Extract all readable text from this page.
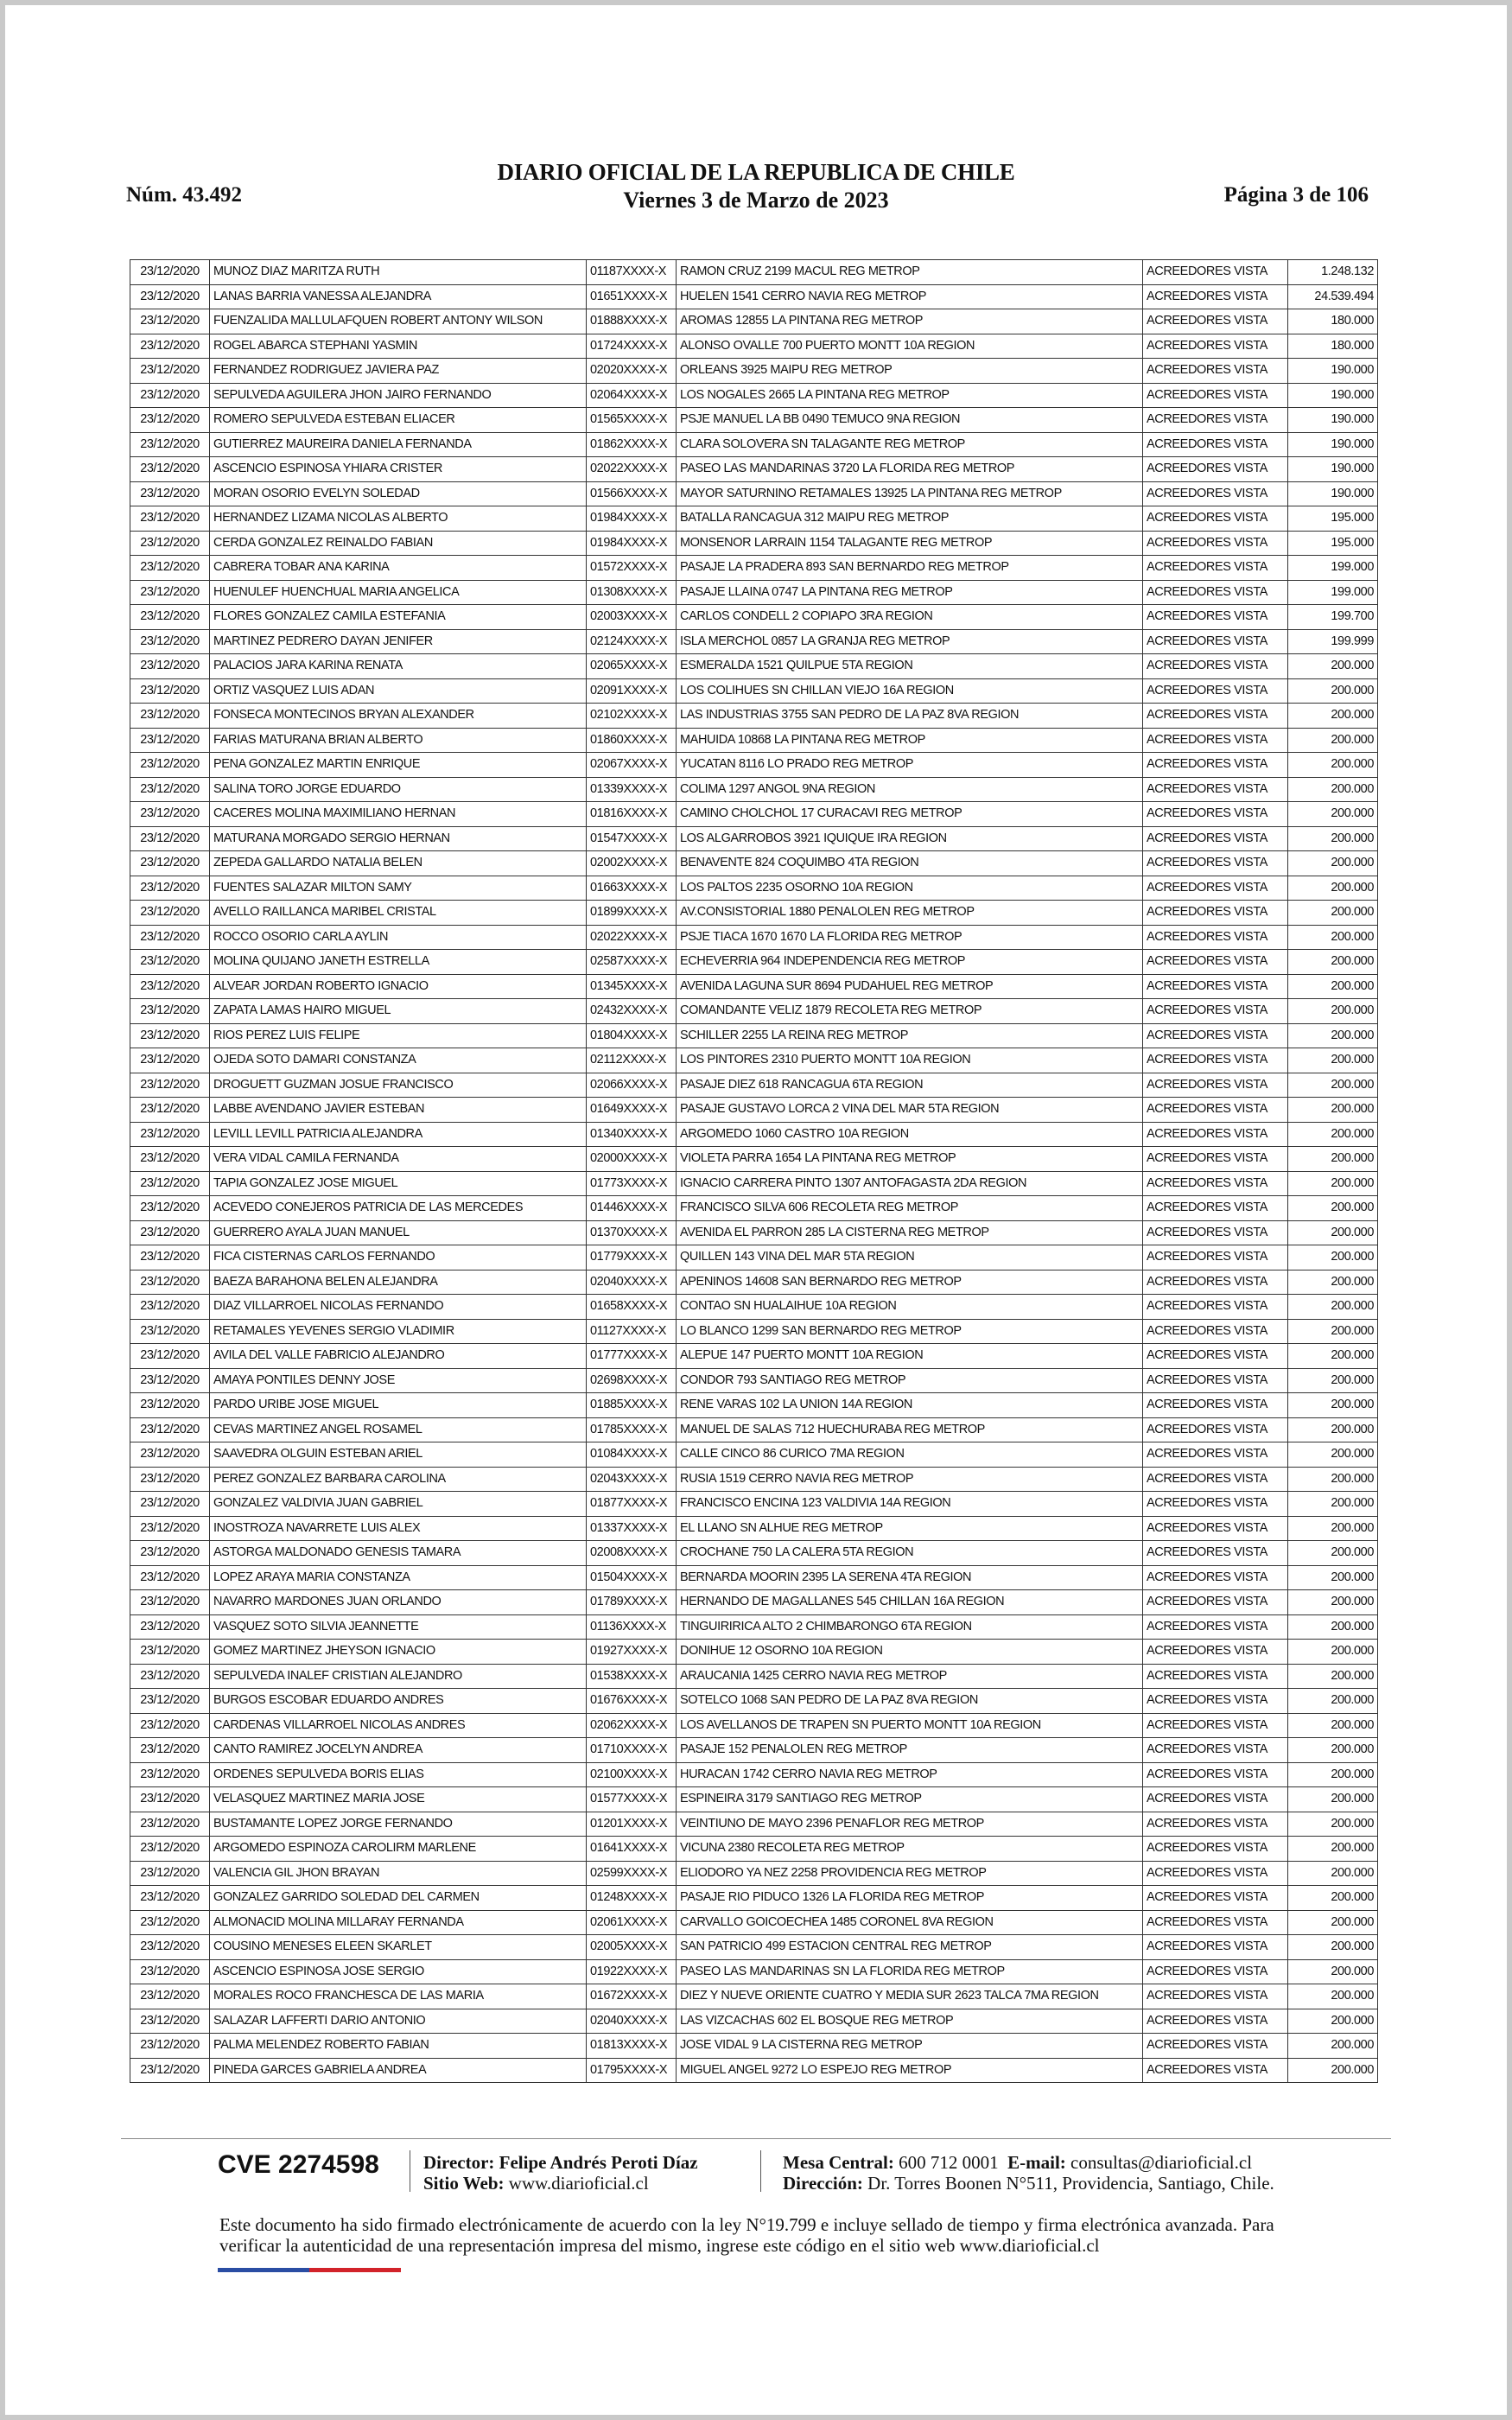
Núm. 43.492
DIARIO OFICIAL DE LA REPUBLICA DE CHILE
Viernes 3 de Marzo de 2023	Página 3 de 106
23/12/2020	MUNOZ DIAZ MARITZA RUTH	01187XXXX-X	RAMON CRUZ 2199 MACUL REG METROP	ACREEDORES VISTA	1.248.132
23/12/2020	LANAS BARRIA VANESSA ALEJANDRA	01651XXXX-X	HUELEN 1541 CERRO NAVIA REG METROP	ACREEDORES VISTA	24.539.494
23/12/2020	FUENZALIDA MALLULAFQUEN ROBERT ANTONY WILSON	01888XXXX-X	AROMAS 12855 LA PINTANA REG METROP	ACREEDORES VISTA	180.000
23/12/2020	ROGEL ABARCA STEPHANI YASMIN	01724XXXX-X	ALONSO OVALLE 700 PUERTO MONTT 10A REGION	ACREEDORES VISTA	180.000
23/12/2020	FERNANDEZ RODRIGUEZ JAVIERA PAZ	02020XXXX-X	ORLEANS 3925 MAIPU REG METROP	ACREEDORES VISTA	190.000
23/12/2020	SEPULVEDA AGUILERA JHON JAIRO FERNANDO	02064XXXX-X	LOS NOGALES 2665 LA PINTANA REG METROP	ACREEDORES VISTA	190.000
23/12/2020	ROMERO SEPULVEDA ESTEBAN ELIACER	01565XXXX-X	PSJE MANUEL LA BB 0490 TEMUCO 9NA REGION	ACREEDORES VISTA	190.000
23/12/2020	GUTIERREZ MAUREIRA DANIELA FERNANDA	01862XXXX-X	CLARA SOLOVERA SN TALAGANTE REG METROP	ACREEDORES VISTA	190.000
23/12/2020	ASCENCIO ESPINOSA YHIARA CRISTER	02022XXXX-X	PASEO LAS MANDARINAS 3720 LA FLORIDA REG METROP	ACREEDORES VISTA	190.000
23/12/2020	MORAN OSORIO EVELYN SOLEDAD	01566XXXX-X	MAYOR SATURNINO RETAMALES 13925 LA PINTANA REG METROP	ACREEDORES VISTA	190.000
23/12/2020	HERNANDEZ LIZAMA NICOLAS ALBERTO	01984XXXX-X	BATALLA RANCAGUA 312 MAIPU REG METROP	ACREEDORES VISTA	195.000
23/12/2020	CERDA GONZALEZ REINALDO FABIAN	01984XXXX-X	MONSENOR LARRAIN 1154 TALAGANTE REG METROP	ACREEDORES VISTA	195.000
23/12/2020	CABRERA TOBAR ANA KARINA	01572XXXX-X	PASAJE LA PRADERA 893 SAN BERNARDO REG METROP	ACREEDORES VISTA	199.000
23/12/2020	HUENULEF HUENCHUAL MARIA ANGELICA	01308XXXX-X	PASAJE LLAINA 0747 LA PINTANA REG METROP	ACREEDORES VISTA	199.000
23/12/2020	FLORES GONZALEZ CAMILA ESTEFANIA	02003XXXX-X	CARLOS CONDELL 2 COPIAPO 3RA REGION	ACREEDORES VISTA	199.700
23/12/2020	MARTINEZ PEDRERO DAYAN JENIFER	02124XXXX-X	ISLA MERCHOL 0857 LA GRANJA REG METROP	ACREEDORES VISTA	199.999
23/12/2020	PALACIOS JARA KARINA RENATA	02065XXXX-X	ESMERALDA 1521 QUILPUE 5TA REGION	ACREEDORES VISTA	200.000
23/12/2020	ORTIZ VASQUEZ LUIS ADAN	02091XXXX-X	LOS COLIHUES SN CHILLAN VIEJO 16A REGION	ACREEDORES VISTA	200.000
23/12/2020	FONSECA MONTECINOS BRYAN ALEXANDER	02102XXXX-X	LAS INDUSTRIAS 3755 SAN PEDRO DE LA PAZ 8VA REGION	ACREEDORES VISTA	200.000
23/12/2020	FARIAS MATURANA BRIAN ALBERTO	01860XXXX-X	MAHUIDA 10868 LA PINTANA REG METROP	ACREEDORES VISTA	200.000
23/12/2020	PENA GONZALEZ MARTIN ENRIQUE	02067XXXX-X	YUCATAN 8116 LO PRADO REG METROP	ACREEDORES VISTA	200.000
23/12/2020	SALINA TORO JORGE EDUARDO	01339XXXX-X	COLIMA 1297 ANGOL 9NA REGION	ACREEDORES VISTA	200.000
23/12/2020	CACERES MOLINA MAXIMILIANO HERNAN	01816XXXX-X	CAMINO CHOLCHOL 17 CURACAVI REG METROP	ACREEDORES VISTA	200.000
23/12/2020	MATURANA MORGADO SERGIO HERNAN	01547XXXX-X	LOS ALGARROBOS 3921 IQUIQUE IRA REGION	ACREEDORES VISTA	200.000
23/12/2020	ZEPEDA GALLARDO NATALIA BELEN	02002XXXX-X	BENAVENTE 824 COQUIMBO 4TA REGION	ACREEDORES VISTA	200.000
23/12/2020	FUENTES SALAZAR MILTON SAMY	01663XXXX-X	LOS PALTOS 2235 OSORNO 10A REGION	ACREEDORES VISTA	200.000
23/12/2020	AVELLO RAILLANCA MARIBEL CRISTAL	01899XXXX-X	AV.CONSISTORIAL 1880 PENALOLEN REG METROP	ACREEDORES VISTA	200.000
23/12/2020	ROCCO OSORIO CARLA AYLIN	02022XXXX-X	PSJE TIACA 1670 1670 LA FLORIDA REG METROP	ACREEDORES VISTA	200.000
23/12/2020	MOLINA QUIJANO JANETH ESTRELLA	02587XXXX-X	ECHEVERRIA 964 INDEPENDENCIA REG METROP	ACREEDORES VISTA	200.000
23/12/2020	ALVEAR JORDAN ROBERTO IGNACIO	01345XXXX-X	AVENIDA LAGUNA SUR 8694 PUDAHUEL REG METROP	ACREEDORES VISTA	200.000
23/12/2020	ZAPATA LAMAS HAIRO MIGUEL	02432XXXX-X	COMANDANTE VELIZ 1879 RECOLETA REG METROP	ACREEDORES VISTA	200.000
23/12/2020	RIOS PEREZ LUIS FELIPE	01804XXXX-X	SCHILLER 2255 LA REINA REG METROP	ACREEDORES VISTA	200.000
23/12/2020	OJEDA SOTO DAMARI CONSTANZA	02112XXXX-X	LOS PINTORES 2310 PUERTO MONTT 10A REGION	ACREEDORES VISTA	200.000
23/12/2020	DROGUETT GUZMAN JOSUE FRANCISCO	02066XXXX-X	PASAJE DIEZ 618 RANCAGUA 6TA REGION	ACREEDORES VISTA	200.000
23/12/2020	LABBE AVENDANO JAVIER ESTEBAN	01649XXXX-X	PASAJE GUSTAVO LORCA 2 VINA DEL MAR 5TA REGION	ACREEDORES VISTA	200.000
23/12/2020	LEVILL LEVILL PATRICIA ALEJANDRA	01340XXXX-X	ARGOMEDO 1060 CASTRO 10A REGION	ACREEDORES VISTA	200.000
23/12/2020	VERA VIDAL CAMILA FERNANDA	02000XXXX-X	VIOLETA PARRA 1654 LA PINTANA REG METROP	ACREEDORES VISTA	200.000
23/12/2020	TAPIA GONZALEZ JOSE MIGUEL	01773XXXX-X	IGNACIO CARRERA PINTO 1307 ANTOFAGASTA 2DA REGION	ACREEDORES VISTA	200.000
23/12/2020	ACEVEDO CONEJEROS PATRICIA DE LAS MERCEDES	01446XXXX-X	FRANCISCO SILVA 606 RECOLETA REG METROP	ACREEDORES VISTA	200.000
23/12/2020	GUERRERO AYALA JUAN MANUEL	01370XXXX-X	AVENIDA EL PARRON 285 LA CISTERNA REG METROP	ACREEDORES VISTA	200.000
23/12/2020	FICA CISTERNAS CARLOS FERNANDO	01779XXXX-X	QUILLEN 143 VINA DEL MAR 5TA REGION	ACREEDORES VISTA	200.000
23/12/2020	BAEZA BARAHONA BELEN ALEJANDRA	02040XXXX-X	APENINOS 14608 SAN BERNARDO REG METROP	ACREEDORES VISTA	200.000
23/12/2020	DIAZ VILLARROEL NICOLAS FERNANDO	01658XXXX-X	CONTAO SN HUALAIHUE 10A REGION	ACREEDORES VISTA	200.000
23/12/2020	RETAMALES YEVENES SERGIO VLADIMIR	01127XXXX-X	LO BLANCO 1299 SAN BERNARDO REG METROP	ACREEDORES VISTA	200.000
23/12/2020	AVILA DEL VALLE FABRICIO ALEJANDRO	01777XXXX-X	ALEPUE 147 PUERTO MONTT 10A REGION	ACREEDORES VISTA	200.000
23/12/2020	AMAYA PONTILES DENNY JOSE	02698XXXX-X	CONDOR 793 SANTIAGO REG METROP	ACREEDORES VISTA	200.000
23/12/2020	PARDO URIBE JOSE MIGUEL	01885XXXX-X	RENE VARAS 102 LA UNION 14A REGION	ACREEDORES VISTA	200.000
23/12/2020	CEVAS MARTINEZ ANGEL ROSAMEL	01785XXXX-X	MANUEL DE SALAS 712 HUECHURABA REG METROP	ACREEDORES VISTA	200.000
23/12/2020	SAAVEDRA OLGUIN ESTEBAN ARIEL	01084XXXX-X	CALLE CINCO 86 CURICO 7MA REGION	ACREEDORES VISTA	200.000
23/12/2020	PEREZ GONZALEZ BARBARA CAROLINA	02043XXXX-X	RUSIA 1519 CERRO NAVIA REG METROP	ACREEDORES VISTA	200.000
23/12/2020	GONZALEZ VALDIVIA JUAN GABRIEL	01877XXXX-X	FRANCISCO ENCINA 123 VALDIVIA 14A REGION	ACREEDORES VISTA	200.000
23/12/2020	INOSTROZA NAVARRETE LUIS ALEX	01337XXXX-X	EL LLANO SN ALHUE REG METROP	ACREEDORES VISTA	200.000
23/12/2020	ASTORGA MALDONADO GENESIS TAMARA	02008XXXX-X	CROCHANE 750 LA CALERA 5TA REGION	ACREEDORES VISTA	200.000
23/12/2020	LOPEZ ARAYA MARIA CONSTANZA	01504XXXX-X	BERNARDA MOORIN 2395 LA SERENA 4TA REGION	ACREEDORES VISTA	200.000
23/12/2020	NAVARRO MARDONES JUAN ORLANDO	01789XXXX-X	HERNANDO DE MAGALLANES 545 CHILLAN 16A REGION	ACREEDORES VISTA	200.000
23/12/2020	VASQUEZ SOTO SILVIA JEANNETTE	01136XXXX-X	TINGUIRIRICA ALTO 2 CHIMBARONGO 6TA REGION	ACREEDORES VISTA	200.000
23/12/2020	GOMEZ MARTINEZ JHEYSON IGNACIO	01927XXXX-X	DONIHUE 12 OSORNO 10A REGION	ACREEDORES VISTA	200.000
23/12/2020	SEPULVEDA INALEF CRISTIAN ALEJANDRO	01538XXXX-X	ARAUCANIA 1425 CERRO NAVIA REG METROP	ACREEDORES VISTA	200.000
23/12/2020	BURGOS ESCOBAR EDUARDO ANDRES	01676XXXX-X	SOTELCO 1068 SAN PEDRO DE LA PAZ 8VA REGION	ACREEDORES VISTA	200.000
23/12/2020	CARDENAS VILLARROEL NICOLAS ANDRES	02062XXXX-X	LOS AVELLANOS DE TRAPEN SN PUERTO MONTT 10A REGION	ACREEDORES VISTA	200.000
23/12/2020	CANTO RAMIREZ JOCELYN ANDREA	01710XXXX-X	PASAJE 152 PENALOLEN REG METROP	ACREEDORES VISTA	200.000
23/12/2020	ORDENES SEPULVEDA BORIS ELIAS	02100XXXX-X	HURACAN 1742 CERRO NAVIA REG METROP	ACREEDORES VISTA	200.000
23/12/2020	VELASQUEZ MARTINEZ MARIA JOSE	01577XXXX-X	ESPINEIRA 3179 SANTIAGO REG METROP	ACREEDORES VISTA	200.000
23/12/2020	BUSTAMANTE LOPEZ JORGE FERNANDO	01201XXXX-X	VEINTIUNO DE MAYO 2396 PENAFLOR REG METROP	ACREEDORES VISTA	200.000
23/12/2020	ARGOMEDO ESPINOZA CAROLIRM MARLENE	01641XXXX-X	VICUNA 2380 RECOLETA REG METROP	ACREEDORES VISTA	200.000
23/12/2020	VALENCIA GIL JHON BRAYAN	02599XXXX-X	ELIODORO YA NEZ 2258 PROVIDENCIA REG METROP	ACREEDORES VISTA	200.000
23/12/2020	GONZALEZ GARRIDO SOLEDAD DEL CARMEN	01248XXXX-X	PASAJE RIO PIDUCO 1326 LA FLORIDA REG METROP	ACREEDORES VISTA	200.000
23/12/2020	ALMONACID MOLINA MILLARAY FERNANDA	02061XXXX-X	CARVALLO GOICOECHEA 1485 CORONEL 8VA REGION	ACREEDORES VISTA	200.000
23/12/2020	COUSINO MENESES ELEEN SKARLET	02005XXXX-X	SAN PATRICIO 499 ESTACION CENTRAL REG METROP	ACREEDORES VISTA	200.000
23/12/2020	ASCENCIO ESPINOSA JOSE SERGIO	01922XXXX-X	PASEO LAS MANDARINAS SN LA FLORIDA REG METROP	ACREEDORES VISTA	200.000
23/12/2020	MORALES ROCO FRANCHESCA DE LAS MARIA	01672XXXX-X	DIEZ Y NUEVE ORIENTE CUATRO Y MEDIA SUR 2623 TALCA 7MA REGION	ACREEDORES VISTA	200.000
23/12/2020	SALAZAR LAFFERTI DARIO ANTONIO	02040XXXX-X	LAS VIZCACHAS 602 EL BOSQUE REG METROP	ACREEDORES VISTA	200.000
23/12/2020	PALMA MELENDEZ ROBERTO FABIAN	01813XXXX-X	JOSE VIDAL 9 LA CISTERNA REG METROP	ACREEDORES VISTA	200.000
23/12/2020	PINEDA GARCES GABRIELA ANDREA	01795XXXX-X	MIGUEL ANGEL 9272 LO ESPEJO REG METROP	ACREEDORES VISTA	200.000
CVE 2274598 Director: Felipe Andrés Peroti Díaz
Sitio Web: www.diarioficial.cl
Mesa Central: 600 712 0001 E-mail: consultas@diarioficial.cl
Dirección: Dr. Torres Boonen N°511, Providencia, Santiago, Chile.
Este documento ha sido firmado electrónicamente de acuerdo con la ley N°19.799 e incluye sellado de tiempo y firma electrónica avanzada. Para verificar la autenticidad de una representación impresa del mismo, ingrese este código en el sitio web www.diarioficial.cl
